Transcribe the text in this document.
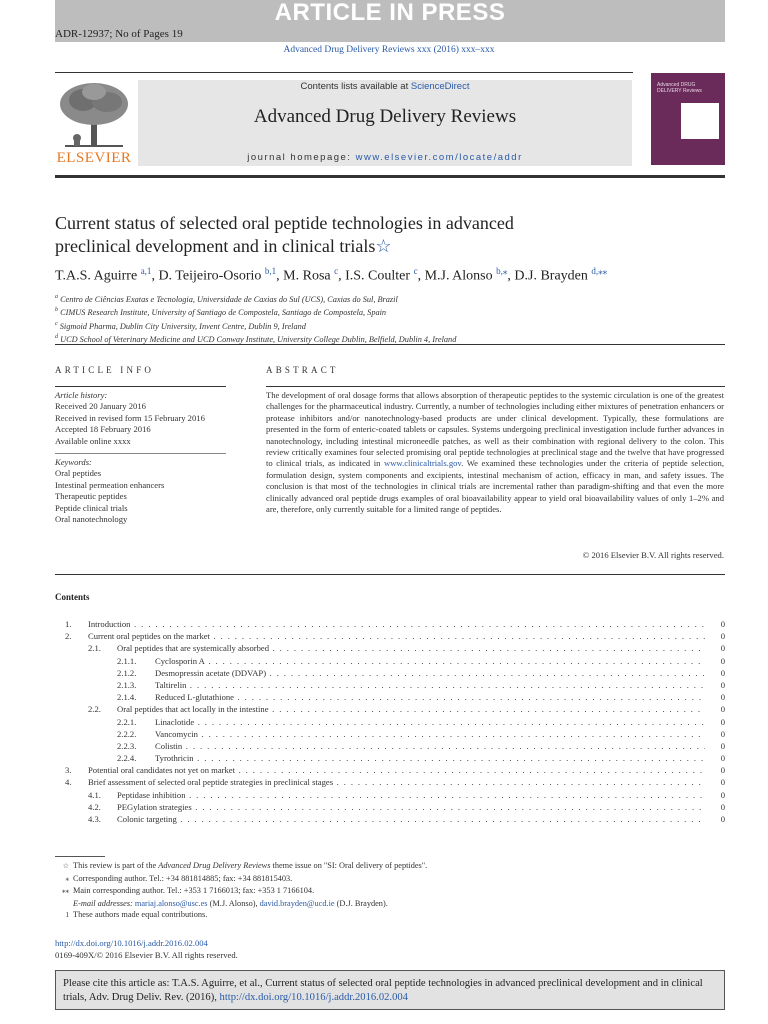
ARTICLE IN PRESS
ADR-12937; No of Pages 19
Advanced Drug Delivery Reviews xxx (2016) xxx–xxx
ELSEVIER
Contents lists available at ScienceDirect
Advanced Drug Delivery Reviews
journal homepage: www.elsevier.com/locate/addr
Advanced DRUG DELIVERY Reviews
Current status of selected oral peptide technologies in advanced
preclinical development and in clinical trials☆
T.A.S. Aguirre $^{a,1}$, D. Teijeiro-Osorio $^{b,1}$, M. Rosa $^c$, I.S. Coulter $^c$, M.J. Alonso $^{b,⁎}$, D.J. Brayden $^{d,⁎⁎}$
$^a$ Centro de Ciências Exatas e Tecnologia, Universidade de Caxias do Sul (UCS), Caxias do Sul, Brazil
$^b$ CIMUS Research Institute, University of Santiago de Compostela, Santiago de Compostela, Spain
$^c$ Sigmoid Pharma, Dublin City University, Invent Centre, Dublin 9, Ireland
$^d$ UCD School of Veterinary Medicine and UCD Conway Institute, University College Dublin, Belfield, Dublin 4, Ireland
ARTICLE INFO
Article history:
Received 20 January 2016
Received in revised form 15 February 2016
Accepted 18 February 2016
Available online xxxx
Keywords:
Oral peptides
Intestinal permeation enhancers
Therapeutic peptides
Peptide clinical trials
Oral nanotechnology
ABSTRACT
The development of oral dosage forms that allows absorption of therapeutic peptides to the systemic circulation is one of the greatest challenges for the pharmaceutical industry. Currently, a number of technologies including either mixtures of penetration enhancers or protease inhibitors and/or nanotechnology-based products are under clinical development. Typically, these formulations are presented in the form of enteric-coated tablets or capsules. Systems undergoing preclinical investigation include further advances in nanotechnology, including intestinal microneedle patches, as well as their combination with regional delivery to the colon. This review critically examines four selected promising oral peptide technologies at preclinical stage and the twelve that have progressed to clinical trials, as indicated in www.clinicaltrials.gov. We examined these technologies under the criteria of peptide selection, formulation design, system components and excipients, intestinal mechanism of action, efficacy in man, and safety issues. The conclusion is that most of the technologies in clinical trials are incremental rather than paradigm-shifting and that even the more clinically advanced oral peptide drugs examples of oral bioavailability appear to yield oral bioavailability values of only 1–2% and are, therefore, only currently suitable for a limited range of peptides.
© 2016 Elsevier B.V. All rights reserved.
Contents
1. Introduction . . .	0
2. Current oral peptides on the market . . .	0
2.1. Oral peptides that are systemically absorbed . . .	0
2.1.1. Cyclosporin A . . .	0
2.1.2. Desmopressin acetate (DDVAP) . . .	0
2.1.3. Taltirelin . . .	0
2.1.4. Reduced L-glutathione . . .	0
2.2. Oral peptides that act locally in the intestine . . .	0
2.2.1. Linaclotide . . .	0
2.2.2. Vancomycin . . .	0
2.2.3. Colistin . . .	0
2.2.4. Tyrothricin . . .	0
3. Potential oral candidates not yet on market . . .	0
4. Brief assessment of selected oral peptide strategies in preclinical stages . . .	0
4.1. Peptidase inhibition . . .	0
4.2. PEGylation strategies . . .	0
4.3. Colonic targeting . . .	0
☆ This review is part of the Advanced Drug Delivery Reviews theme issue on "SI: Oral delivery of peptides".
⁎ Corresponding author. Tel.: +34 881814885; fax: +34 881815403.
⁎⁎ Main corresponding author. Tel.: +353 1 7166013; fax: +353 1 7166104.
E-mail addresses: mariaj.alonso@usc.es (M.J. Alonso), david.brayden@ucd.ie (D.J. Brayden).
1 These authors made equal contributions.
http://dx.doi.org/10.1016/j.addr.2016.02.004
0169-409X/© 2016 Elsevier B.V. All rights reserved.
Please cite this article as: T.A.S. Aguirre, et al., Current status of selected oral peptide technologies in advanced preclinical development and in clinical trials, Adv. Drug Deliv. Rev. (2016), http://dx.doi.org/10.1016/j.addr.2016.02.004
